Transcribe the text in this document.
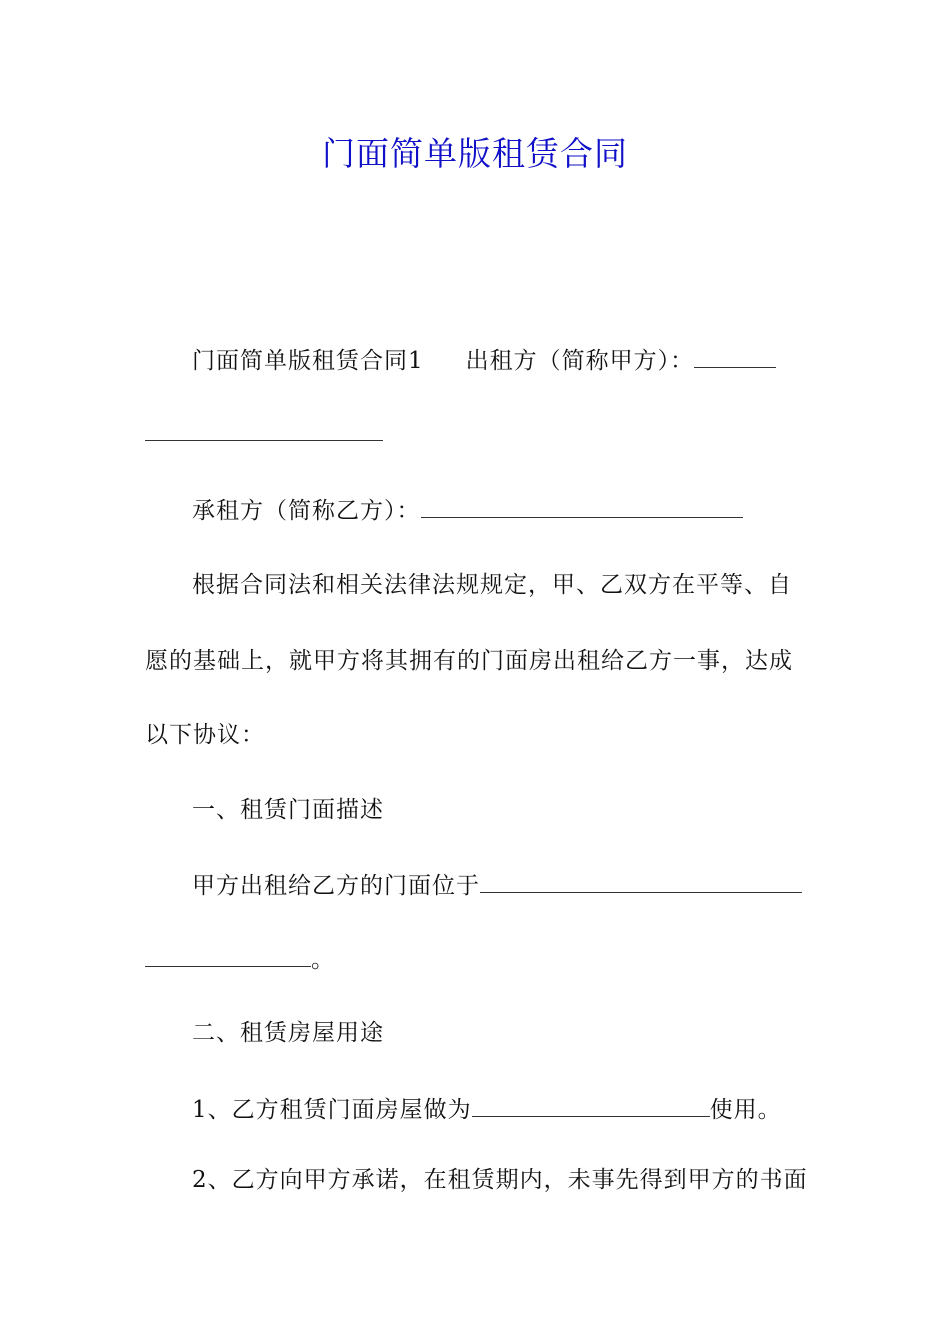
门面简单版租赁合同
门面简单版租赁合同1 出租方（简称甲方）：
承租方（简称乙方）：
根据合同法和相关法律法规规定，甲、乙双方在平等、自
愿的基础上，就甲方将其拥有的门面房出租给乙方一事，达成
以下协议：
一、租赁门面描述
甲方出租给乙方的门面位于
。
二、租赁房屋用途
1、乙方租赁门面房屋做为	使用。
2、乙方向甲方承诺，在租赁期内，未事先得到甲方的书面
